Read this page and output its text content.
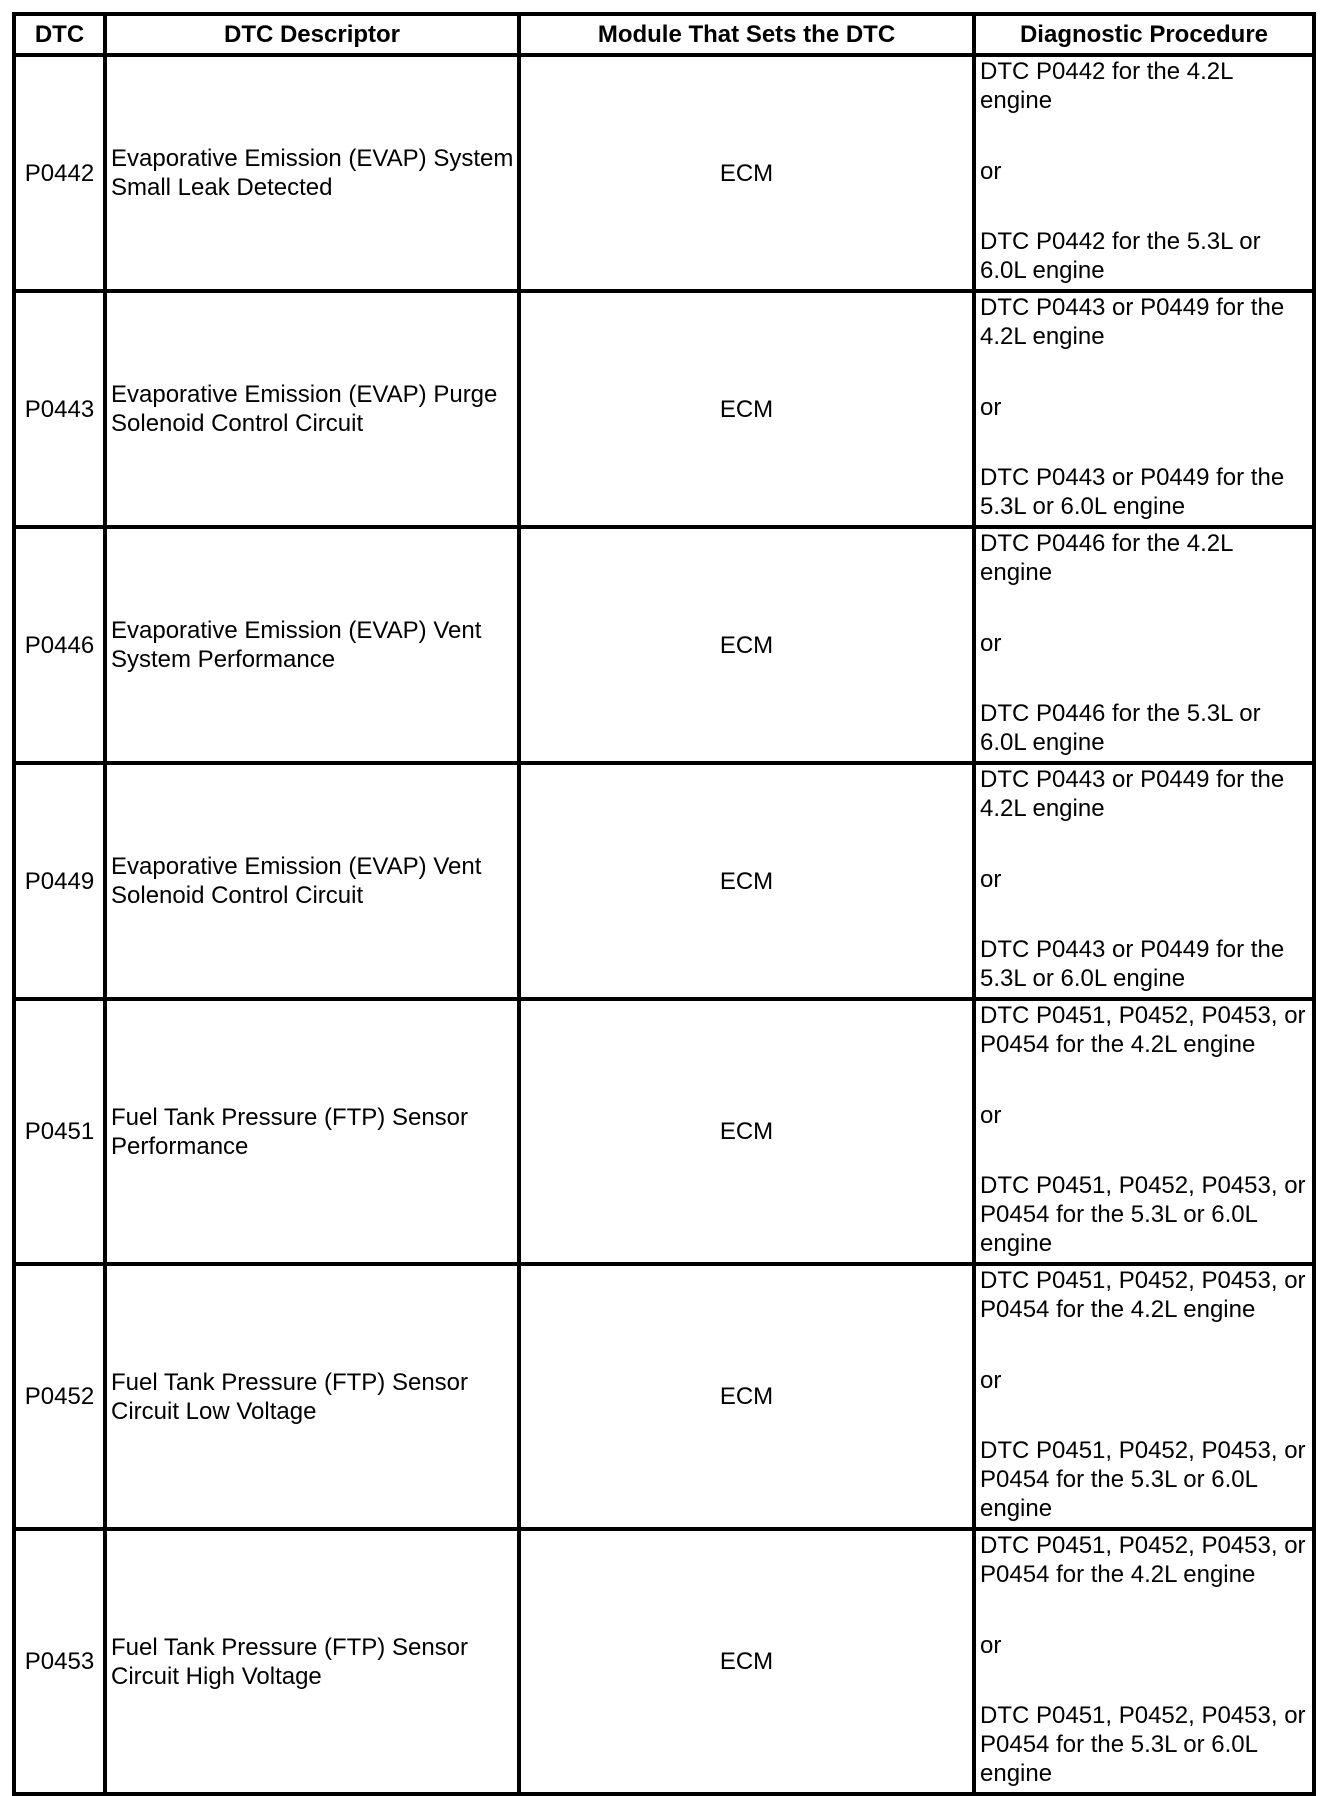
DTC	DTC Descriptor	Module That Sets the DTC	Diagnostic Procedure
P0442	Evaporative Emission (EVAP) System Small Leak Detected	ECM	DTC P0442 for the 4.2L engine
or
DTC P0442 for the 5.3L or 6.0L engine

P0443	Evaporative Emission (EVAP) Purge Solenoid Control Circuit	ECM	DTC P0443 or P0449 for the 4.2L engine
or
DTC P0443 or P0449 for the 5.3L or 6.0L engine

P0446	Evaporative Emission (EVAP) Vent System Performance	ECM	DTC P0446 for the 4.2L engine
or
DTC P0446 for the 5.3L or 6.0L engine

P0449	Evaporative Emission (EVAP) Vent Solenoid Control Circuit	ECM	DTC P0443 or P0449 for the 4.2L engine
or
DTC P0443 or P0449 for the 5.3L or 6.0L engine

P0451	Fuel Tank Pressure (FTP) Sensor Performance	ECM	DTC P0451, P0452, P0453, or P0454 for the 4.2L engine
or
DTC P0451, P0452, P0453, or P0454 for the 5.3L or 6.0L engine

P0452	Fuel Tank Pressure (FTP) Sensor Circuit Low Voltage	ECM	DTC P0451, P0452, P0453, or P0454 for the 4.2L engine
or
DTC P0451, P0452, P0453, or P0454 for the 5.3L or 6.0L engine

P0453	Fuel Tank Pressure (FTP) Sensor Circuit High Voltage	ECM	DTC P0451, P0452, P0453, or P0454 for the 4.2L engine
or
DTC P0451, P0452, P0453, or P0454 for the 5.3L or 6.0L engine
